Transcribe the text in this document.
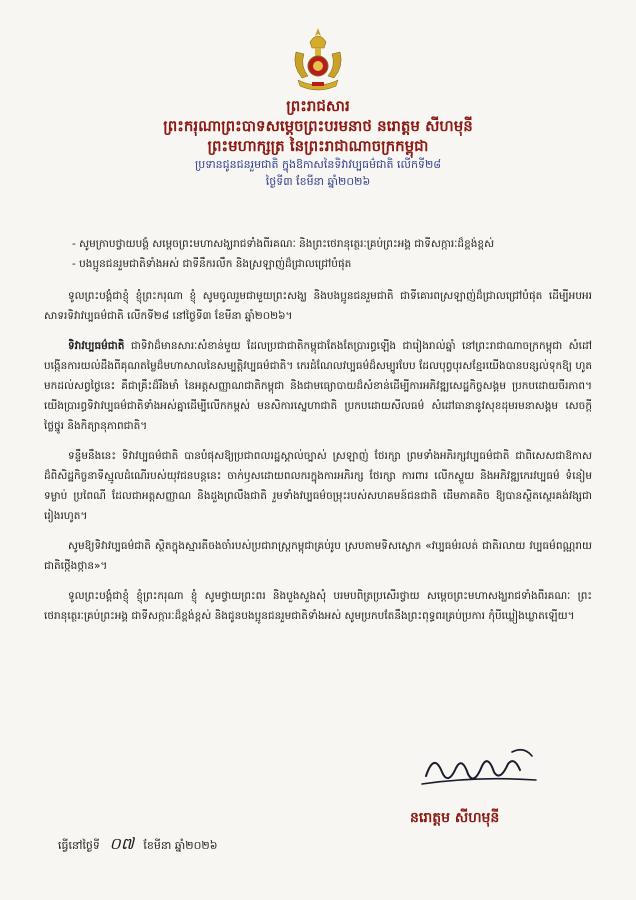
ព្រះរាជសារ
ព្រះករុណាព្រះបាទសម្តេចព្រះបរមនាថ នរោត្តម សីហមុនី
ព្រះមហាក្សត្រ នៃព្រះរាជាណាចក្រកម្ពុជា
ប្រទានជូនជនរួមជាតិ ក្នុងឱកាសនៃទិវាវប្បធម៌ជាតិ លើកទី២៨
ថ្ងៃទី៣ ខែមីនា ឆ្នាំ២០២៦
- សូមក្រាបថ្វាយបង្គំ សម្តេចព្រះមហាសង្ឃរាជទាំងពីរគណៈ និងព្រះថេរានុត្ថេរៈគ្រប់ព្រះអង្គ ជាទីសក្ការៈដ៏ខ្ពង់ខ្ពស់
- បងប្អូនជនរួមជាតិទាំងអស់ ជាទីនឹករលឹក និងស្រឡាញ់ដ៏ជ្រាលជ្រៅបំផុត

ទូលព្រះបង្គំជាខ្ញុំ ខ្ញុំព្រះករុណា ខ្ញុំ សូមចូលរួមជាមួយព្រះសង្ឃ និងបងប្អូនជនរួមជាតិ ជាទីគោរពស្រឡាញ់ដ៏ជ្រាលជ្រៅបំផុត ដើម្បីអបអរសាទរទិវាវប្បធម៌ជាតិ លើកទី២៨ នៅថ្ងៃទី៣ ខែមីនា ឆ្នាំ២០២៦។

ទិវាវប្បធម៌ជាតិ ជាទិវាដ៏មានសារៈសំខាន់មួយ ដែលប្រជាជាតិកម្ពុជាតែងតែប្រារព្ធឡើង ជារៀងរាល់ឆ្នាំ នៅព្រះរាជាណាចក្រកម្ពុជា សំដៅបង្កើនការយល់ដឹងពីគុណតម្លៃដ៏មហាសាលនៃសម្បត្តិវប្បធម៌ជាតិ។ កេរដំណែលវប្បធម៌ដ៏សម្បូរបែប ដែលបុព្វបុរសខ្មែរយើងបានបន្សល់ទុកឱ្យ ហូតមកដល់សព្វថ្ងៃនេះ គឺជាគ្រឹះដ៏រឹងមាំ នៃអត្តសញ្ញាណជាតិកម្ពុជា និងជាមធ្យោបាយដ៏សំខាន់ដើម្បីការអភិវឌ្ឍសេដ្ឋកិច្ចសង្គម ប្រកបដោយចីរភាព។ យើងប្រារព្ធទិវាវប្បធម៌ជាតិទាំងអស់គ្នាដើម្បីលើកកម្ពស់ មនសិការស្នេហាជាតិ ប្រកបដោយសីលធម៌ សំដៅធានានូវសុខដុមរមនាសង្គម សេចក្តីថ្លៃថ្នូរ និងកិត្យានុភាពជាតិ។

ទន្ទឹមនឹងនេះ ទិវាវប្បធម៌ជាតិ បានបំផុសឱ្យប្រជាពលរដ្ឋស្គាល់ច្បាស់ ស្រឡាញ់ ថែរក្សា ព្រមទាំងអភិរក្សវប្បធម៌ជាតិ ជាពិសេសជាឱកាសដ៏ពិសិដ្ឋកិច្ចនាទីស្មូលដំណើរបស់យុវជនបន្តនេះ ចាក់ឫសដោយពលករក្នុងការអភិរក្ស ថែរក្សា ការពារ លើកស្ទួយ និងអភិវឌ្ឍកេរវប្បធម៌ ទំនៀមទម្លាប់ ប្រពៃណី ដែលជាអត្តសញ្ញាណ និងដួងព្រលឹងជាតិ រួមទាំងវប្បធម៌ចម្រុះរបស់សហគមន៍ជនជាតិ ដើមភាគតិច ឱ្យបានស្ថិតស្ថេរគង់វង្សជារៀងរហូត។

សូមឱ្យទិវាវប្បធម៌ជាតិ ស្ថិតក្នុងស្មារតីចងចាំរបស់ប្រជារាស្ត្រកម្ពុជាគ្រប់រូប ស្របតាមទិសស្លោក «វប្បធម៌រលត់ ជាតិរលាយ វប្បធម៌ពណ្ណរាយ ជាតិថ្កើងថ្កាន»។

ទូលព្រះបង្គំជាខ្ញុំ ខ្ញុំព្រះករុណា ខ្ញុំ សូមថ្វាយព្រះពរ និងបួងសួងសុំ បរមបពិត្រប្រសើរថ្វាយ សម្តេចព្រះមហាសង្ឃរាជទាំងពីរគណៈ ព្រះថេរានុត្ថេរៈគ្រប់ព្រះអង្គ ជាទីសក្ការៈដ៏ខ្ពង់ខ្ពស់ និងជូនបងប្អូនជនរួមជាតិទាំងអស់ សូមប្រកបតែនឹងព្រះពុទ្ធពរគ្រប់ប្រការ កុំបីឃ្លៀងឃ្លាតឡើយ។

នរោត្តម សីហមុនី
ធ្វើនៅថ្ងៃទី ០៧ ខែមីនា ឆ្នាំ២០២៦
